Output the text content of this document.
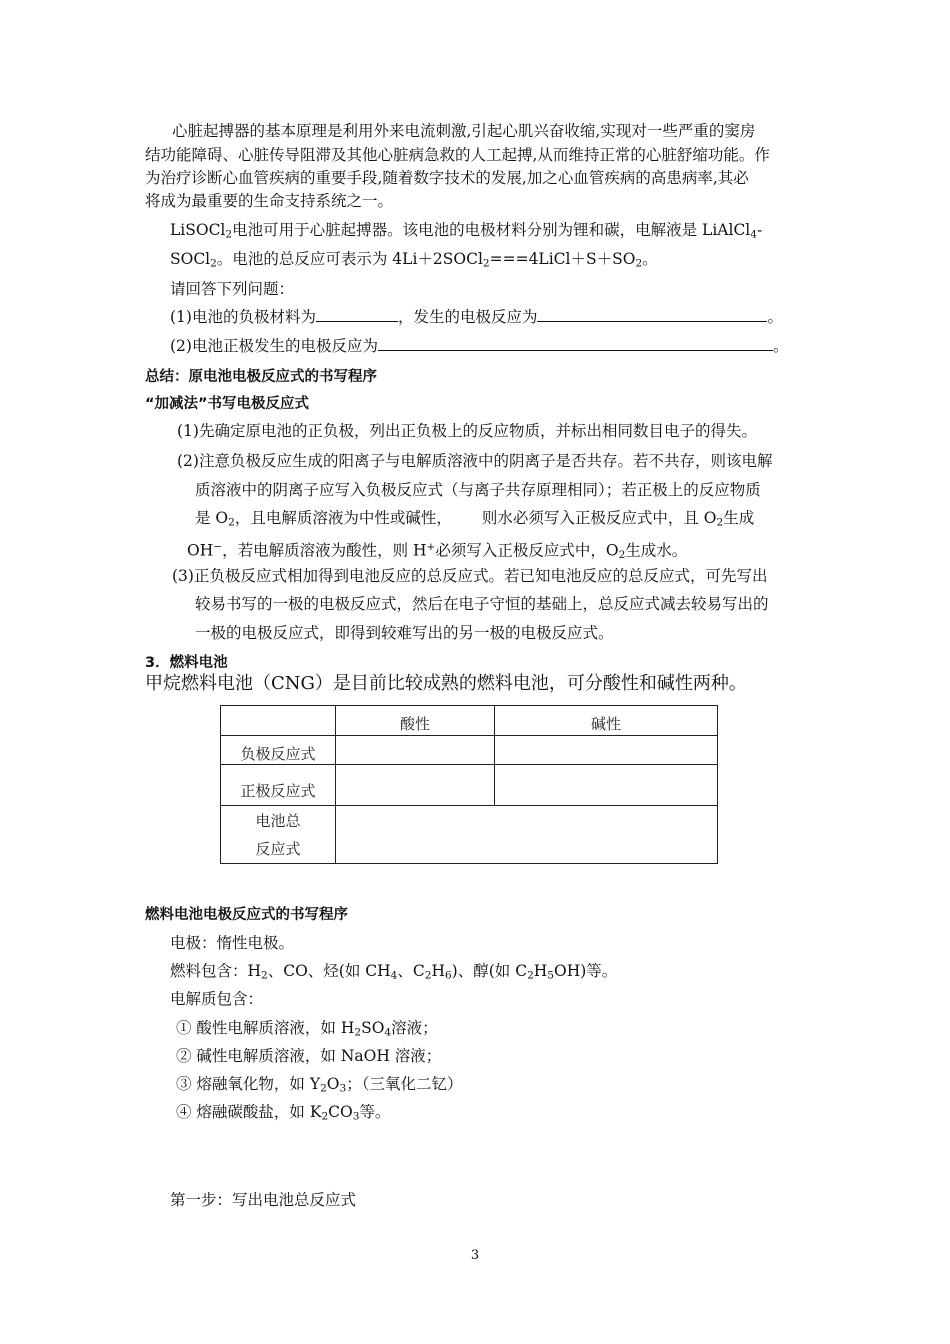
心脏起搏器的基本原理是利用外来电流刺激,引起心肌兴奋收缩,实现对一些严重的窦房
结功能障碍、心脏传导阻滞及其他心脏病急救的人工起搏,从而维持正常的心脏舒缩功能。作
为治疗诊断心血管疾病的重要手段,随着数字技术的发展,加之心血管疾病的高患病率,其必
将成为最重要的生命支持系统之一。
LiSOCl$_2$电池可用于心脏起搏器。该电池的电极材料分别为锂和碳，电解液是 LiAlCl$_4$-
SOCl$_2$。电池的总反应可表示为 $4Li+2SOCl_2===4LiCl+S+SO_2$。
请回答下列问题：
(1)电池的负极材料为	，发生的电极反应为	。
(2)电池正极发生的电极反应为	。
总结：原电池电极反应式的书写程序
“加减法”书写电极反应式
(1)先确定原电池的正负极，列出正负极上的反应物质，并标出相同数目电子的得失。
(2)注意负极反应生成的阳离子与电解质溶液中的阴离子是否共存。若不共存，则该电解
质溶液中的阴离子应写入负极反应式（与离子共存原理相同）；若正极上的反应物质
是 $O_2$，且电解质溶液为中性或碱性， 则水必须写入正极反应式中，且 $O_2$生成
OH−，若电解质溶液为酸性，则 H+必须写入正极反应式中，$O_2$生成水。
(3)正负极反应式相加得到电池反应的总反应式。若已知电池反应的总反应式，可先写出
较易书写的一极的电极反应式，然后在电子守恒的基础上，总反应式减去较易写出的
一极的电极反应式，即得到较难写出的另一极的电极反应式。
3．燃料电池
甲烷燃料电池（CNG）是目前比较成熟的燃料电池，可分酸性和碱性两种。
	酸性	碱性
负极反应式		
正极反应式		

电池总
反应式		

燃料电池电极反应式的书写程序
电极：惰性电极。
燃料包含：$H_2$、CO、烃(如 $CH_4$、$C_2H_6$)、醇(如 $C_2H_5OH$)等。
电解质包含：
① 酸性电解质溶液，如 $H_2SO_4$溶液；
② 碱性电解质溶液，如 NaOH 溶液；
③ 熔融氧化物，如 $Y_2O_3$；（三氧化二钇）
④ 熔融碳酸盐，如 $K_2CO_3$等。
第一步：写出电池总反应式
3
